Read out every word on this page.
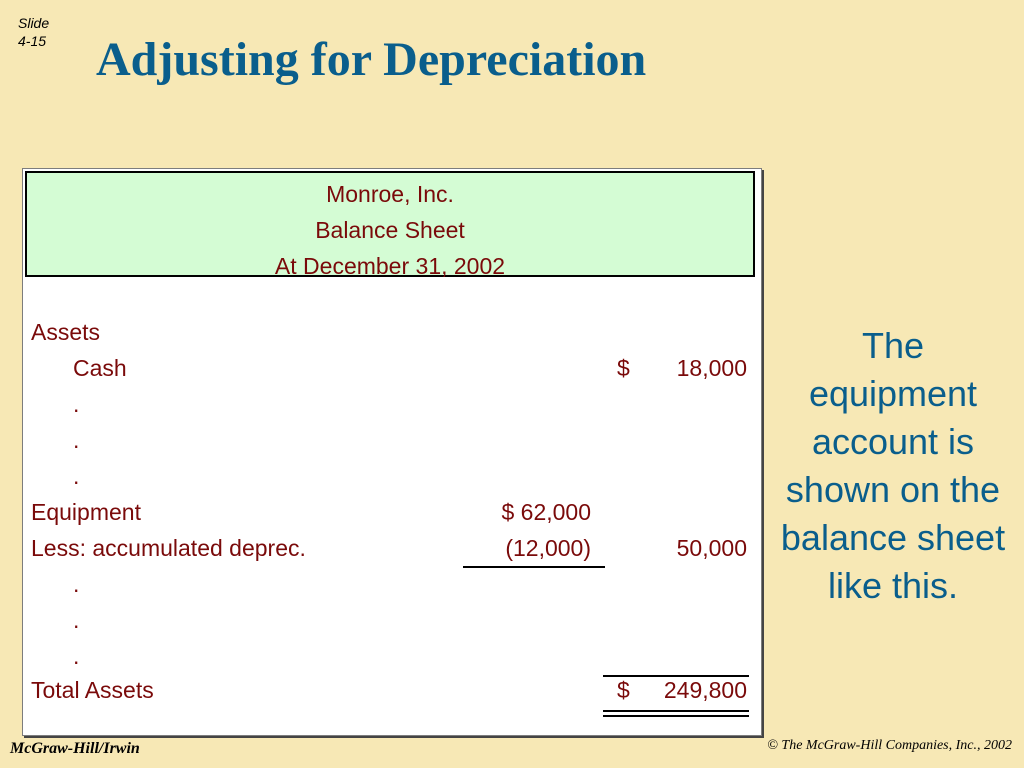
Slide
4-15 Adjusting for Depreciation
Monroe, Inc.
Balance Sheet
At December 31, 2002
Assets
Cash	$ 18,000
.
.
.
Equipment	$ 62,000
Less: accumulated deprec.	(12,000)	50,000
.
.
.
Total Assets	$ 249,800
The equipment account is shown on the balance sheet like this.
McGraw-Hill/Irwin	© The McGraw-Hill Companies, Inc., 2002
